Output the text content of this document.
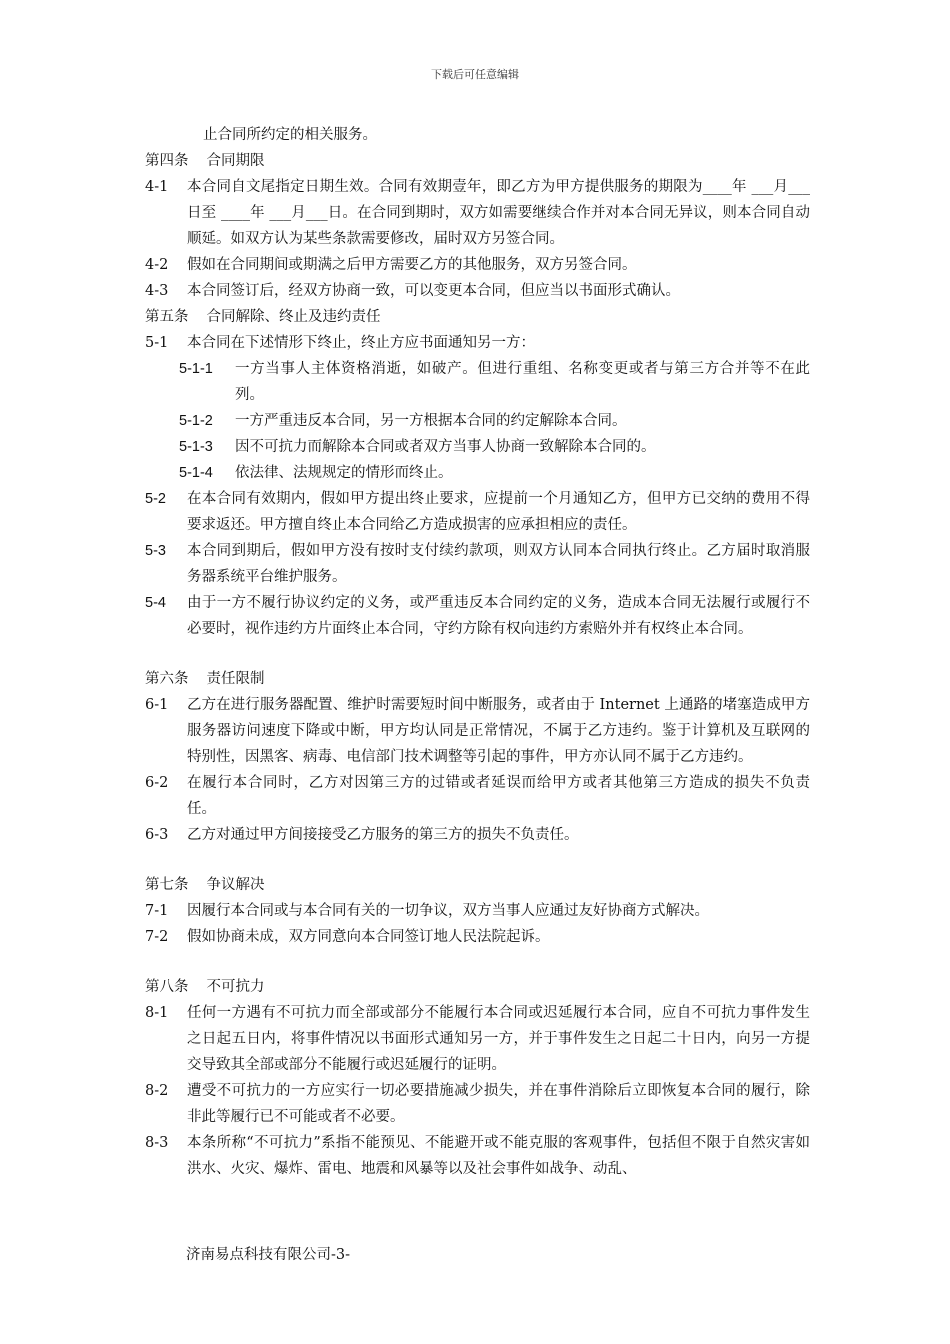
下载后可任意编辑
止合同所约定的相关服务。
第四条 合同期限
4-1 本合同自文尾指定日期生效。合同有效期壹年，即乙方为甲方提供服务的期限为____年 ___月___日至 ____年 ___月___日。在合同到期时，双方如需要继续合作并对本合同无异议，则本合同自动顺延。如双方认为某些条款需要修改，届时双方另签合同。
4-2 假如在合同期间或期满之后甲方需要乙方的其他服务，双方另签合同。
4-3 本合同签订后，经双方协商一致，可以变更本合同，但应当以书面形式确认。
第五条 合同解除、终止及违约责任
5-1 本合同在下述情形下终止，终止方应书面通知另一方：
5-1-1 一方当事人主体资格消逝，如破产。但进行重组、名称变更或者与第三方合并等不在此列。
5-1-2 一方严重违反本合同，另一方根据本合同的约定解除本合同。
5-1-3 因不可抗力而解除本合同或者双方当事人协商一致解除本合同的。
5-1-4 依法律、法规规定的情形而终止。
5-2 在本合同有效期内，假如甲方提出终止要求，应提前一个月通知乙方，但甲方已交纳的费用不得要求返还。甲方擅自终止本合同给乙方造成损害的应承担相应的责任。
5-3 本合同到期后，假如甲方没有按时支付续约款项，则双方认同本合同执行终止。乙方届时取消服务器系统平台维护服务。
5-4 由于一方不履行协议约定的义务，或严重违反本合同约定的义务，造成本合同无法履行或履行不必要时，视作违约方片面终止本合同，守约方除有权向违约方索赔外并有权终止本合同。
第六条 责任限制
6-1 乙方在进行服务器配置、维护时需要短时间中断服务，或者由于 Internet 上通路的堵塞造成甲方服务器访问速度下降或中断，甲方均认同是正常情况，不属于乙方违约。鉴于计算机及互联网的特别性，因黑客、病毒、电信部门技术调整等引起的事件，甲方亦认同不属于乙方违约。
6-2 在履行本合同时，乙方对因第三方的过错或者延误而给甲方或者其他第三方造成的损失不负责任。
6-3 乙方对通过甲方间接接受乙方服务的第三方的损失不负责任。
第七条 争议解决
7-1 因履行本合同或与本合同有关的一切争议，双方当事人应通过友好协商方式解决。
7-2 假如协商未成，双方同意向本合同签订地人民法院起诉。
第八条 不可抗力
8-1 任何一方遇有不可抗力而全部或部分不能履行本合同或迟延履行本合同，应自不可抗力事件发生之日起五日内，将事件情况以书面形式通知另一方，并于事件发生之日起二十日内，向另一方提交导致其全部或部分不能履行或迟延履行的证明。
8-2 遭受不可抗力的一方应实行一切必要措施减少损失，并在事件消除后立即恢复本合同的履行，除非此等履行已不可能或者不必要。
8-3 本条所称“不可抗力”系指不能预见、不能避开或不能克服的客观事件，包括但不限于自然灾害如洪水、火灾、爆炸、雷电、地震和风暴等以及社会事件如战争、动乱、
济南易点科技有限公司-3-
